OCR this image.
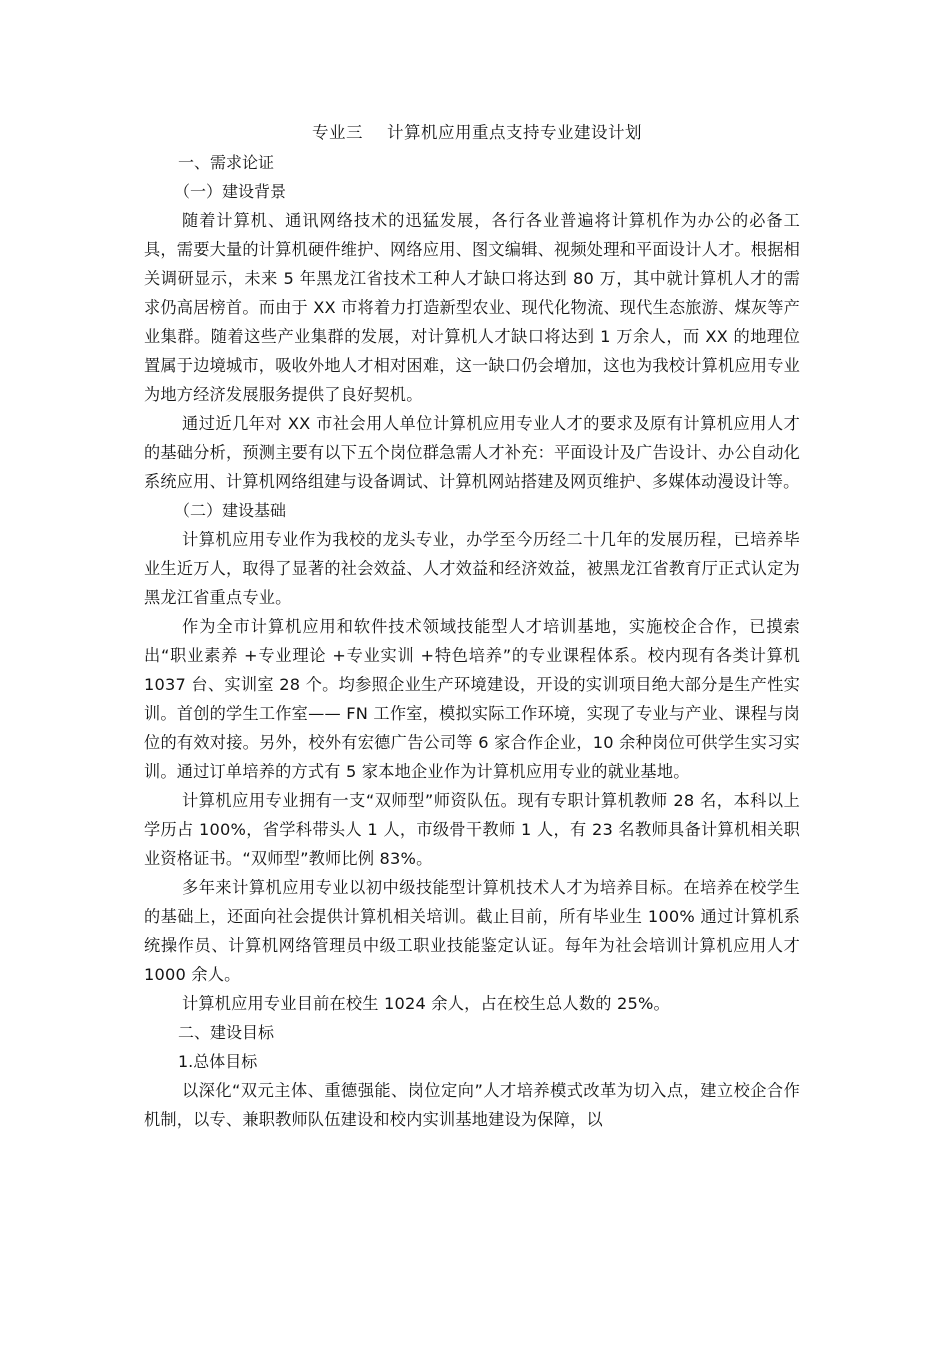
专业三 计算机应用重点支持专业建设计划

一、需求论证

（一）建设背景

随着计算机、通讯网络技术的迅猛发展，各行各业普遍将计算机作为办公的必备工具，需要大量的计算机硬件维护、网络应用、图文编辑、视频处理和平面设计人才。根据相关调研显示，未来 5 年黑龙江省技术工种人才缺口将达到 80 万，其中就计算机人才的需求仍高居榜首。而由于 XX 市将着力打造新型农业、现代化物流、现代生态旅游、煤灰等产业集群。随着这些产业集群的发展，对计算机人才缺口将达到 1 万余人，而 XX 的地理位置属于边境城市，吸收外地人才相对困难，这一缺口仍会增加，这也为我校计算机应用专业为地方经济发展服务提供了良好契机。

通过近几年对 XX 市社会用人单位计算机应用专业人才的要求及原有计算机应用人才的基础分析，预测主要有以下五个岗位群急需人才补充：平面设计及广告设计、办公自动化系统应用、计算机网络组建与设备调试、计算机网站搭建及网页维护、多媒体动漫设计等。

（二）建设基础

计算机应用专业作为我校的龙头专业，办学至今历经二十几年的发展历程，已培养毕业生近万人，取得了显著的社会效益、人才效益和经济效益，被黑龙江省教育厅正式认定为黑龙江省重点专业。

作为全市计算机应用和软件技术领域技能型人才培训基地，实施校企合作，已摸索出“职业素养 +专业理论 +专业实训 +特色培养”的专业课程体系。校内现有各类计算机 1037 台、实训室 28 个。均参照企业生产环境建设，开设的实训项目绝大部分是生产性实训。首创的学生工作室—— FN 工作室，模拟实际工作环境，实现了专业与产业、课程与岗位的有效对接。另外，校外有宏德广告公司等 6 家合作企业，10 余种岗位可供学生实习实训。通过订单培养的方式有 5 家本地企业作为计算机应用专业的就业基地。

计算机应用专业拥有一支“双师型”师资队伍。现有专职计算机教师 28 名，本科以上学历占 100%，省学科带头人 1 人，市级骨干教师 1 人，有 23 名教师具备计算机相关职业资格证书。“双师型”教师比例 83%。

多年来计算机应用专业以初中级技能型计算机技术人才为培养目标。在培养在校学生的基础上，还面向社会提供计算机相关培训。截止目前，所有毕业生 100% 通过计算机系统操作员、计算机网络管理员中级工职业技能鉴定认证。每年为社会培训计算机应用人才 1000 余人。

计算机应用专业目前在校生 1024 余人，占在校生总人数的 25%。

二、建设目标

1.总体目标

以深化“双元主体、重德强能、岗位定向”人才培养模式改革为切入点，建立校企合作机制，以专、兼职教师队伍建设和校内实训基地建设为保障，以
